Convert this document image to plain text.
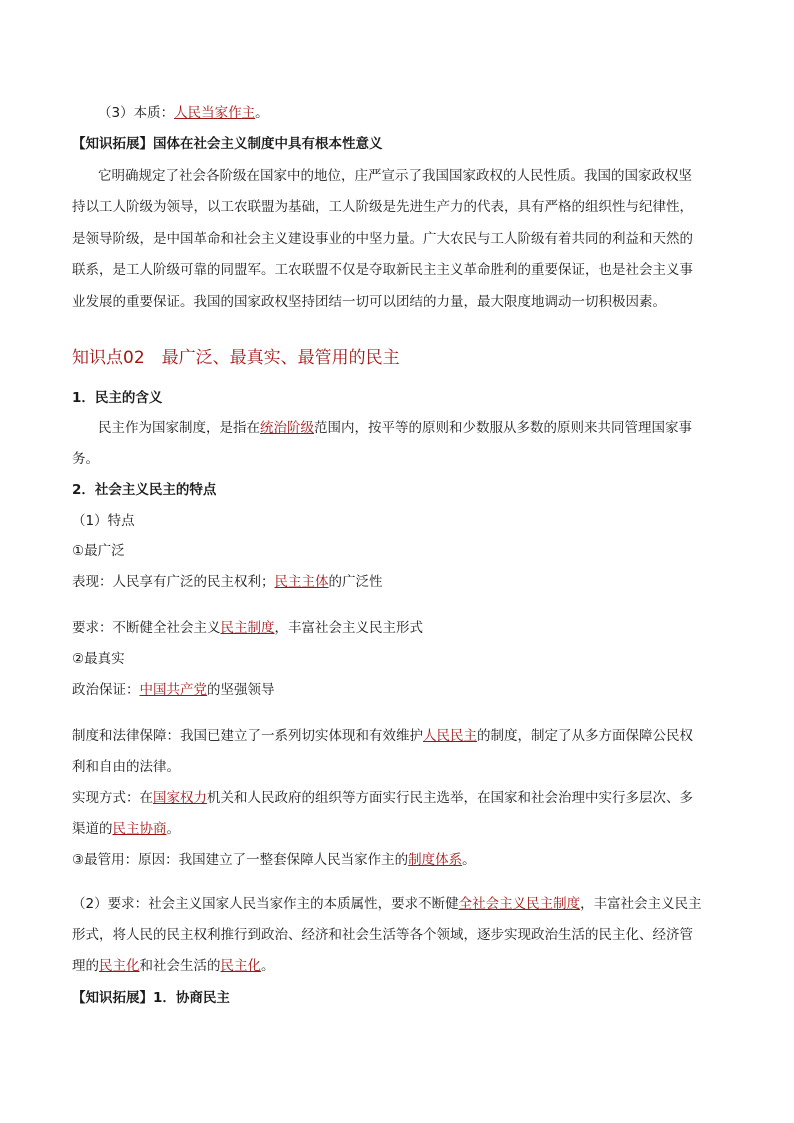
（3）本质：人民当家作主。
【知识拓展】国体在社会主义制度中具有根本性意义
它明确规定了社会各阶级在国家中的地位，庄严宣示了我国国家政权的人民性质。我国的国家政权坚
持以工人阶级为领导，以工农联盟为基础，工人阶级是先进生产力的代表，具有严格的组织性与纪律性，
是领导阶级，是中国革命和社会主义建设事业的中坚力量。广大农民与工人阶级有着共同的利益和天然的
联系，是工人阶级可靠的同盟军。工农联盟不仅是夺取新民主主义革命胜利的重要保证，也是社会主义事
业发展的重要保证。我国的国家政权坚持团结一切可以团结的力量，最大限度地调动一切积极因素。
知识点02　最广泛、最真实、最管用的民主
1．民主的含义
民主作为国家制度，是指在统治阶级范围内，按平等的原则和少数服从多数的原则来共同管理国家事
务。
2．社会主义民主的特点
（1）特点
①最广泛
表现：人民享有广泛的民主权利；民主主体的广泛性
要求：不断健全社会主义民主制度，丰富社会主义民主形式
②最真实
政治保证：中国共产党的坚强领导
制度和法律保障：我国已建立了一系列切实体现和有效维护人民民主的制度，制定了从多方面保障公民权
利和自由的法律。
实现方式：在国家权力机关和人民政府的组织等方面实行民主选举，在国家和社会治理中实行多层次、多
渠道的民主协商。
③最管用：原因：我国建立了一整套保障人民当家作主的制度体系。
（2）要求：社会主义国家人民当家作主的本质属性，要求不断健全社会主义民主制度，丰富社会主义民主
形式，将人民的民主权利推行到政治、经济和社会生活等各个领域，逐步实现政治生活的民主化、经济管
理的民主化和社会生活的民主化。
【知识拓展】1．协商民主
